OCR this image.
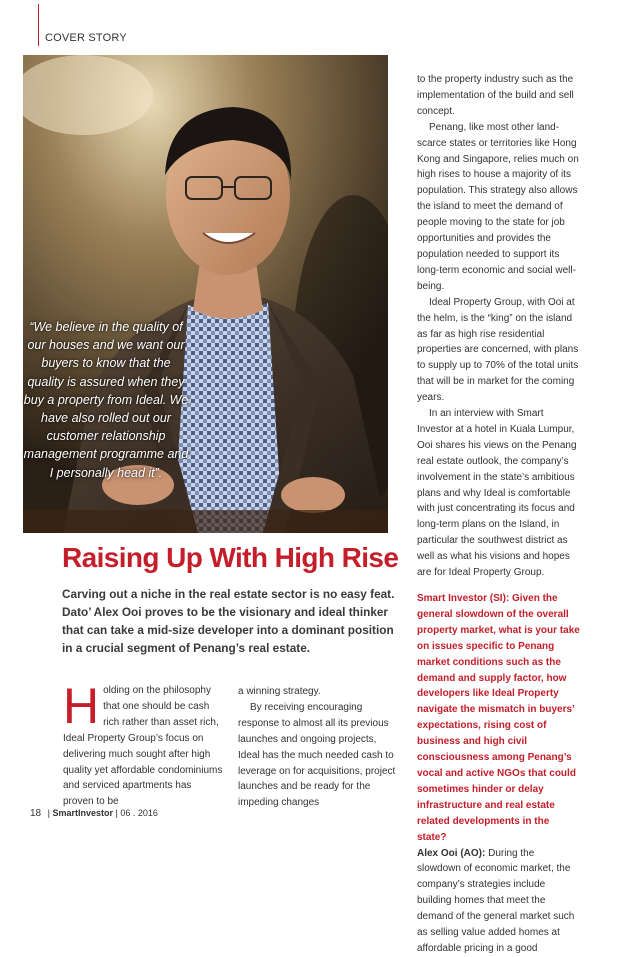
COVER STORY
“We believe in the quality of our houses and we want our buyers to know that the quality is assured when they buy a property from Ideal. We have also rolled out our customer relationship management programme and I personally head it”.
Raising Up With High Rise

Carving out a niche in the real estate sector is no easy feat. Dato’ Alex Ooi proves to be the visionary and ideal thinker that can take a mid-size developer into a dominant position in a crucial segment of Penang’s real estate.

H olding on the philosophy that one should be cash rich rather than asset rich, Ideal Property Group’s focus on delivering much sought after high quality yet affordable condominiums and serviced apartments has proven to be

a winning strategy.

By receiving encouraging response to almost all its previous launches and ongoing projects, Ideal has the much needed cash to leverage on for acquisitions, project launches and be ready for the impeding changes

to the property industry such as the implementation of the build and sell concept.

Penang, like most other land-scarce states or territories like Hong Kong and Singapore, relies much on high rises to house a majority of its population. This strategy also allows the island to meet the demand of people moving to the state for job opportunities and provides the population needed to support its long-term economic and social well-being.

Ideal Property Group, with Ooi at the helm, is the “king” on the island as far as high rise residential properties are concerned, with plans to supply up to 70% of the total units that will be in market for the coming years.

In an interview with Smart Investor at a hotel in Kuala Lumpur, Ooi shares his views on the Penang real estate outlook, the company’s involvement in the state’s ambitious plans and why Ideal is comfortable with just concentrating its focus and long-term plans on the Island, in particular the southwest district as well as what his visions and hopes are for Ideal Property Group.

Smart Investor (SI): Given the general slowdown of the overall property market, what is your take on issues specific to Penang market conditions such as the demand and supply factor, how developers like Ideal Property navigate the mismatch in buyers’ expectations, rising cost of business and high civil consciousness among Penang’s vocal and active NGOs that could sometimes hinder or delay infrastructure and real estate related developments in the state?

Alex Ooi (AO): During the slowdown of economic market, the company’s strategies include building homes that meet the demand of the general market such as selling value added homes at affordable pricing in a good

18 | SmartInvestor | 06 . 2016
